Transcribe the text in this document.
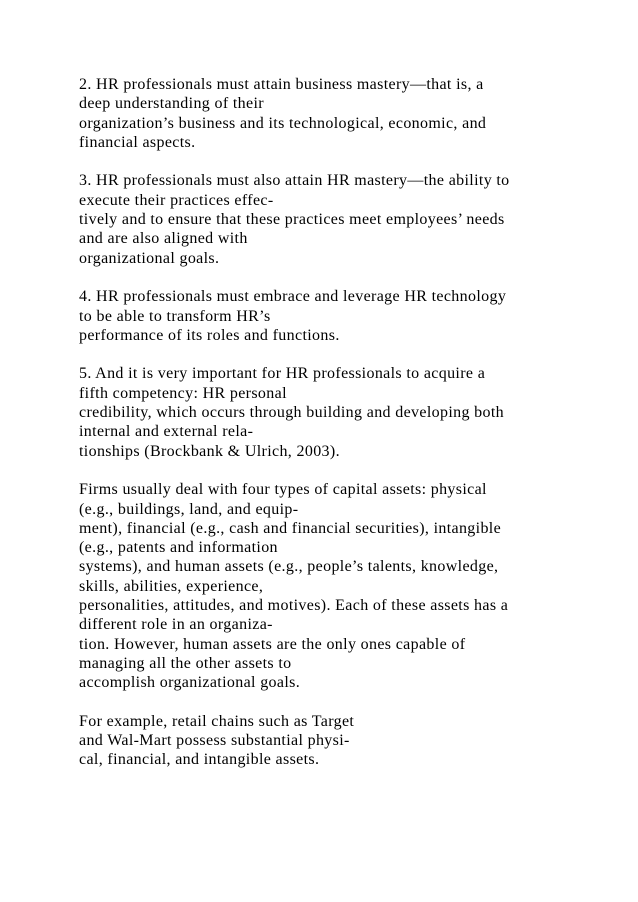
2. HR professionals must attain business mastery—that is, a
deep understanding of their
organization’s business and its technological, economic, and
financial aspects.

3. HR professionals must also attain HR mastery—the ability to
execute their practices effec-
tively and to ensure that these practices meet employees’ needs
and are also aligned with
organizational goals.

4. HR professionals must embrace and leverage HR technology
to be able to transform HR’s
performance of its roles and functions.

5. And it is very important for HR professionals to acquire a
fifth competency: HR personal
credibility, which occurs through building and developing both
internal and external rela-
tionships (Brockbank & Ulrich, 2003).

Firms usually deal with four types of capital assets: physical
(e.g., buildings, land, and equip-
ment), financial (e.g., cash and financial securities), intangible
(e.g., patents and information
systems), and human assets (e.g., people’s talents, knowledge,
skills, abilities, experience,
personalities, attitudes, and motives). Each of these assets has a
different role in an organiza-
tion. However, human assets are the only ones capable of
managing all the other assets to
accomplish organizational goals.

For example, retail chains such as Target
and Wal-Mart possess substantial physi-
cal, financial, and intangible assets.
